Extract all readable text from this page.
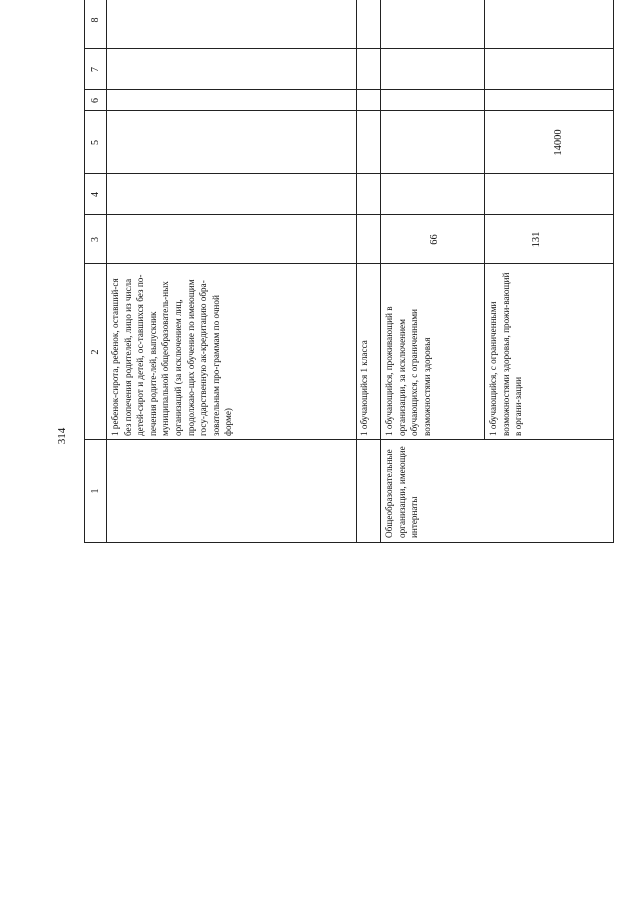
314
1
2
3
4
5
6
7
8
1 ребенок-сирота, ребенок, оставший-ся без попечения родителей, лицо из числа детей-сирот и детей, ос-тавшихся без по-печения родите-лей, выпускник муниципальной общеобразователь-ных организаций (за исключением лиц, продолжаю-щих обучение по имеющим госу-дарственную ак-кредитацию обра-зовательным про-граммам по очной форме)	1 обучающийся 1 класса
Общеобразовательные организации, имеющие интернаты
1 обучающийся, проживающий в организации, за исключением обучающихся, с ограниченными возможностями здоровья
66
1 обучающийся, с ограниченными возможностями здоровья, прожи-вающий в органи-зации
131
14000
